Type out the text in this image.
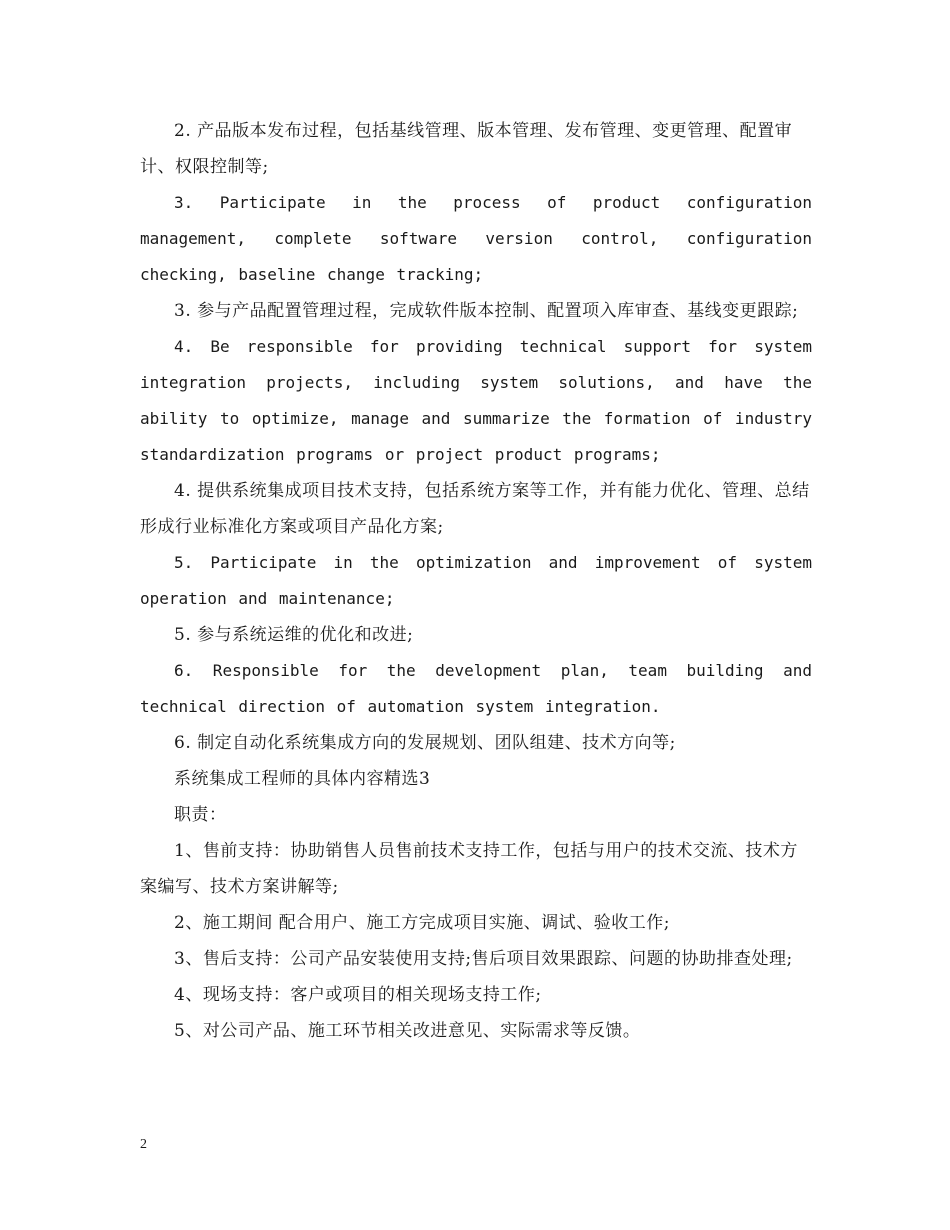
2. 产品版本发布过程，包括基线管理、版本管理、发布管理、变更管理、配置审计、权限控制等;

3. Participate in the process of product configuration management, complete software version control, configuration checking, baseline change tracking;

3. 参与产品配置管理过程，完成软件版本控制、配置项入库审查、基线变更跟踪;

4. Be responsible for providing technical support for system integration projects, including system solutions, and have the ability to optimize, manage and summarize the formation of industry standardization programs or project product programs;

4. 提供系统集成项目技术支持，包括系统方案等工作，并有能力优化、管理、总结形成行业标准化方案或项目产品化方案;

5. Participate in the optimization and improvement of system operation and maintenance;

5. 参与系统运维的优化和改进;

6. Responsible for the development plan, team building and technical direction of automation system integration.

6. 制定自动化系统集成方向的发展规划、团队组建、技术方向等;

系统集成工程师的具体内容精选3

职责：

1、售前支持：协助销售人员售前技术支持工作，包括与用户的技术交流、技术方案编写、技术方案讲解等;

2、施工期间 配合用户、施工方完成项目实施、调试、验收工作;

3、售后支持：公司产品安装使用支持;售后项目效果跟踪、问题的协助排查处理;

4、现场支持：客户或项目的相关现场支持工作;

5、对公司产品、施工环节相关改进意见、实际需求等反馈。

2
